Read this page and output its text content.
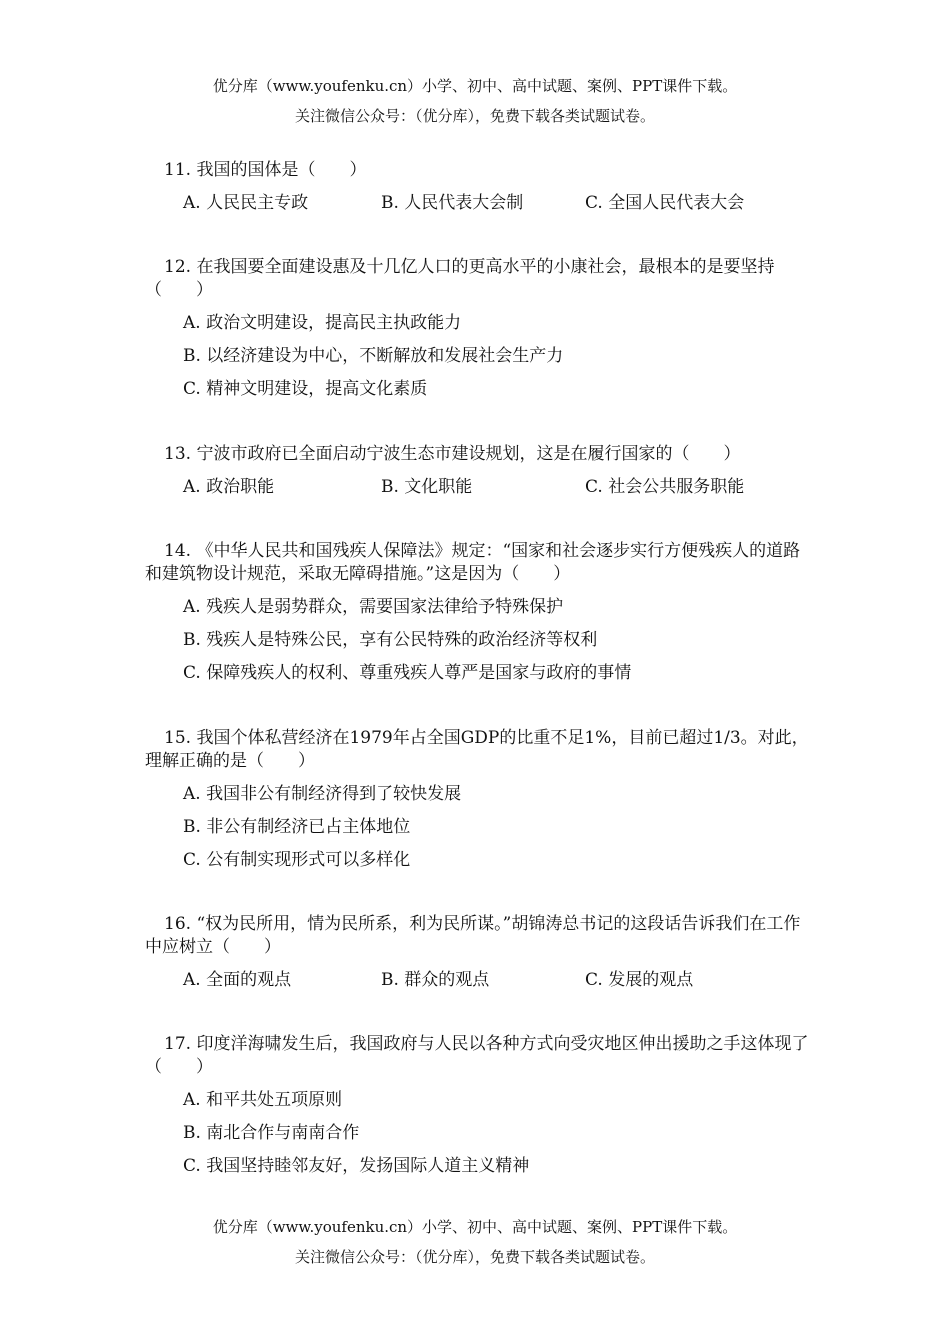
优分库（www.youfenku.cn）小学、初中、高中试题、案例、PPT课件下载。
关注微信公众号：（优分库），免费下载各类试题试卷。

11. 我国的国体是（　　）

A. 人民民主专政	B. 人民代表大会制	C. 全国人民代表大会

12. 在我国要全面建设惠及十几亿人口的更高水平的小康社会，最根本的是要坚持（　　）

A. 政治文明建设，提高民主执政能力
B. 以经济建设为中心，不断解放和发展社会生产力
C. 精神文明建设，提高文化素质

13. 宁波市政府已全面启动宁波生态市建设规划，这是在履行国家的（　　）

A. 政治职能	B. 文化职能	C. 社会公共服务职能

14. 《中华人民共和国残疾人保障法》规定：“国家和社会逐步实行方便残疾人的道路和建筑物设计规范，采取无障碍措施。”这是因为（　　）

A. 残疾人是弱势群众，需要国家法律给予特殊保护
B. 残疾人是特殊公民，享有公民特殊的政治经济等权利
C. 保障残疾人的权利、尊重残疾人尊严是国家与政府的事情

15. 我国个体私营经济在1979年占全国GDP的比重不足1%，目前已超过1/3。对此，理解正确的是（　　）

A. 我国非公有制经济得到了较快发展
B. 非公有制经济已占主体地位
C. 公有制实现形式可以多样化

16. “权为民所用，情为民所系，利为民所谋。”胡锦涛总书记的这段话告诉我们在工作中应树立（　　）

A. 全面的观点	B. 群众的观点	C. 发展的观点

17. 印度洋海啸发生后，我国政府与人民以各种方式向受灾地区伸出援助之手这体现了（　　）

A. 和平共处五项原则
B. 南北合作与南南合作
C. 我国坚持睦邻友好，发扬国际人道主义精神
优分库（www.youfenku.cn）小学、初中、高中试题、案例、PPT课件下载。
关注微信公众号：（优分库），免费下载各类试题试卷。
